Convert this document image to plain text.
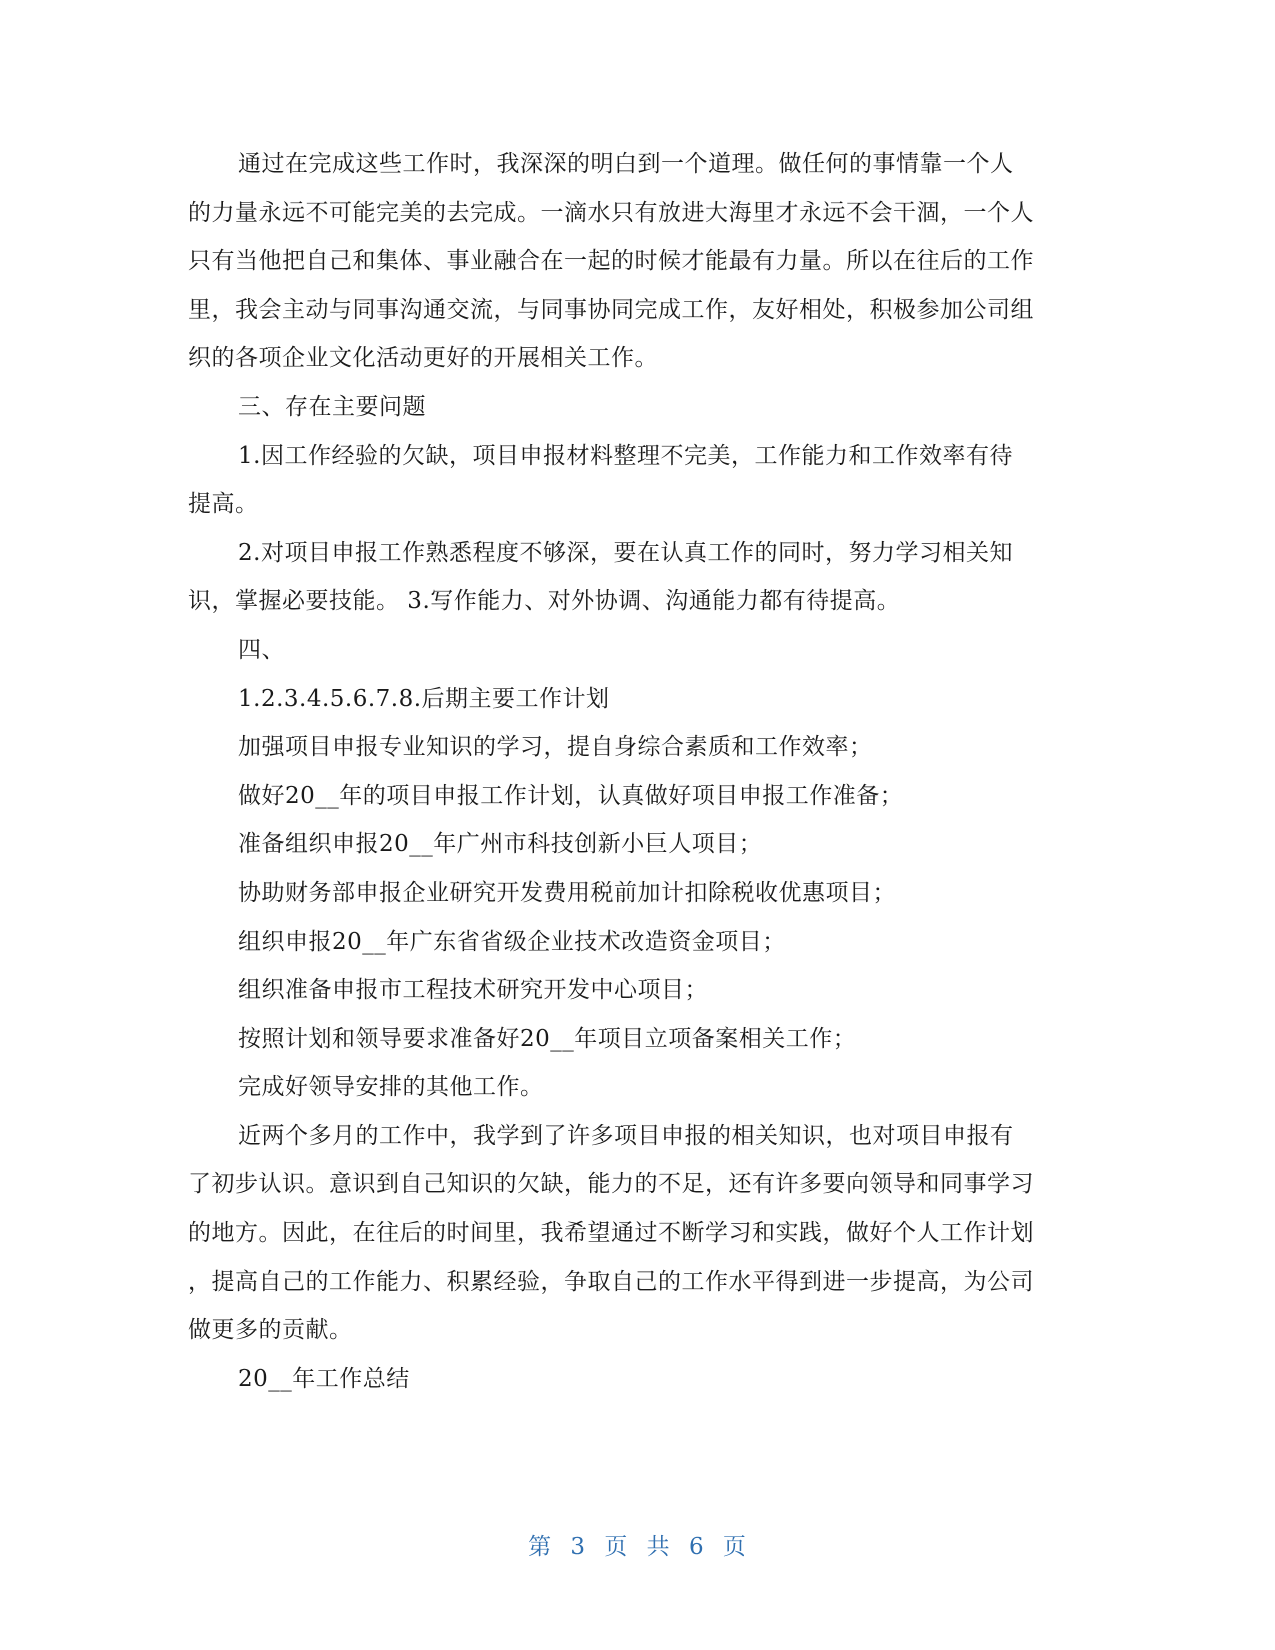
通过在完成这些工作时，我深深的明白到一个道理。做任何的事情靠一个人
的力量永远不可能完美的去完成。一滴水只有放进大海里才永远不会干涸，一个人
只有当他把自己和集体、事业融合在一起的时候才能最有力量。所以在往后的工作
里，我会主动与同事沟通交流，与同事协同完成工作，友好相处，积极参加公司组
织的各项企业文化活动更好的开展相关工作。
三、存在主要问题
1.因工作经验的欠缺，项目申报材料整理不完美，工作能力和工作效率有待
提高。
2.对项目申报工作熟悉程度不够深，要在认真工作的同时，努力学习相关知
识，掌握必要技能。 3.写作能力、对外协调、沟通能力都有待提高。
四、
1.2.3.4.5.6.7.8.后期主要工作计划
加强项目申报专业知识的学习，提自身综合素质和工作效率；
做好20__年的项目申报工作计划，认真做好项目申报工作准备；
准备组织申报20__年广州市科技创新小巨人项目；
协助财务部申报企业研究开发费用税前加计扣除税收优惠项目；
组织申报20__年广东省省级企业技术改造资金项目；
组织准备申报市工程技术研究开发中心项目；
按照计划和领导要求准备好20__年项目立项备案相关工作；
完成好领导安排的其他工作。
近两个多月的工作中，我学到了许多项目申报的相关知识，也对项目申报有
了初步认识。意识到自己知识的欠缺，能力的不足，还有许多要向领导和同事学习
的地方。因此，在往后的时间里，我希望通过不断学习和实践，做好个人工作计划
，提高自己的工作能力、积累经验，争取自己的工作水平得到进一步提高，为公司
做更多的贡献。
20__年工作总结
第 3 页 共 6 页
